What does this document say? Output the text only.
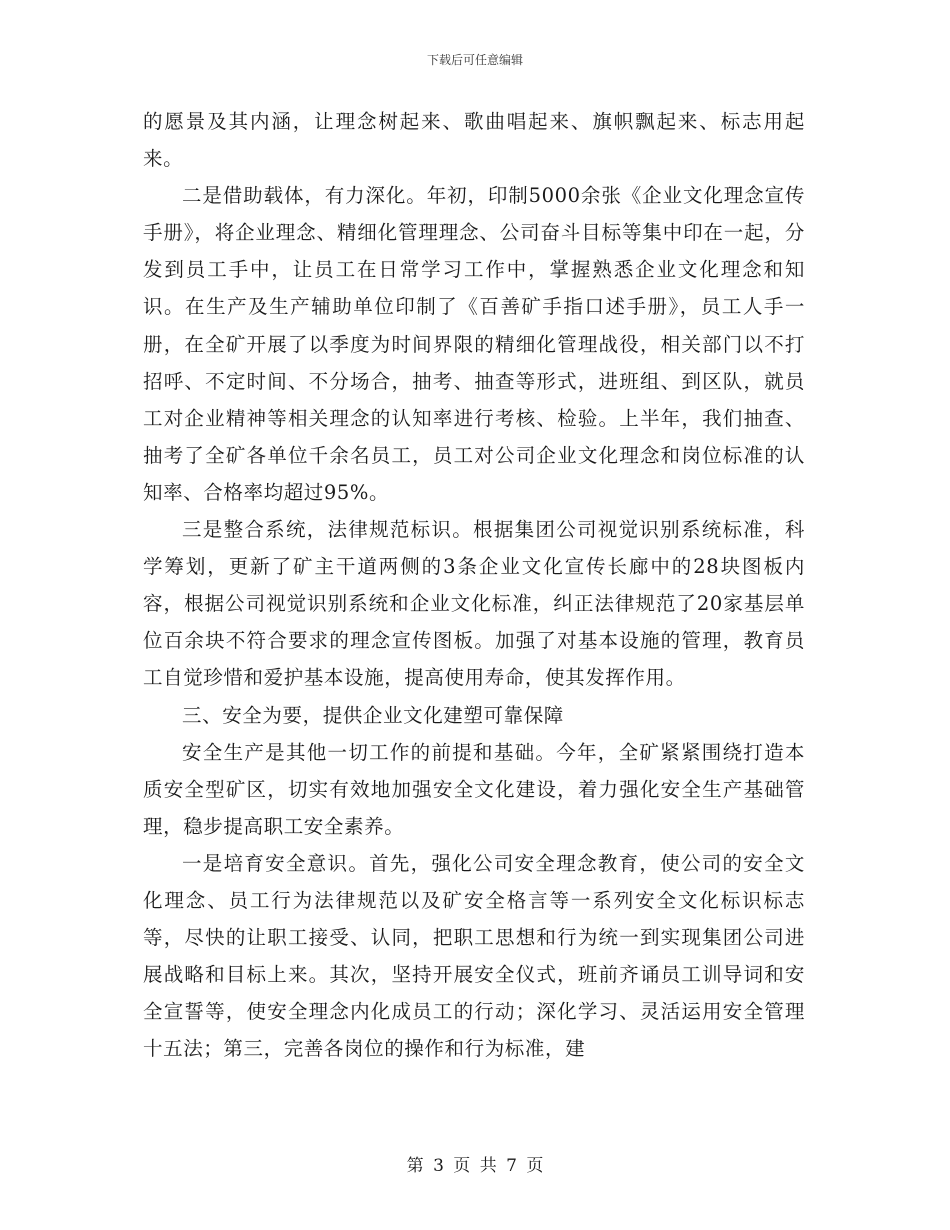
下载后可任意编辑

的愿景及其内涵，让理念树起来、歌曲唱起来、旗帜飘起来、标志用起来。

二是借助载体，有力深化。年初，印制5000余张《企业文化理念宣传手册》，将企业理念、精细化管理理念、公司奋斗目标等集中印在一起，分发到员工手中，让员工在日常学习工作中，掌握熟悉企业文化理念和知识。在生产及生产辅助单位印制了《百善矿手指口述手册》，员工人手一册，在全矿开展了以季度为时间界限的精细化管理战役，相关部门以不打招呼、不定时间、不分场合，抽考、抽查等形式，进班组、到区队，就员工对企业精神等相关理念的认知率进行考核、检验。上半年，我们抽查、抽考了全矿各单位千余名员工，员工对公司企业文化理念和岗位标准的认知率、合格率均超过95%。

三是整合系统，法律规范标识。根据集团公司视觉识别系统标准，科学筹划，更新了矿主干道两侧的3条企业文化宣传长廊中的28块图板内容，根据公司视觉识别系统和企业文化标准，纠正法律规范了20家基层单位百余块不符合要求的理念宣传图板。加强了对基本设施的管理，教育员工自觉珍惜和爱护基本设施，提高使用寿命，使其发挥作用。

三、安全为要，提供企业文化建塑可靠保障

安全生产是其他一切工作的前提和基础。今年，全矿紧紧围绕打造本质安全型矿区，切实有效地加强安全文化建设，着力强化安全生产基础管理，稳步提高职工安全素养。

一是培育安全意识。首先，强化公司安全理念教育，使公司的安全文化理念、员工行为法律规范以及矿安全格言等一系列安全文化标识标志等，尽快的让职工接受、认同，把职工思想和行为统一到实现集团公司进展战略和目标上来。其次，坚持开展安全仪式，班前齐诵员工训导词和安全宣誓等，使安全理念内化成员工的行动；深化学习、灵活运用安全管理十五法；第三，完善各岗位的操作和行为标准，建

第 3 页 共 7 页
